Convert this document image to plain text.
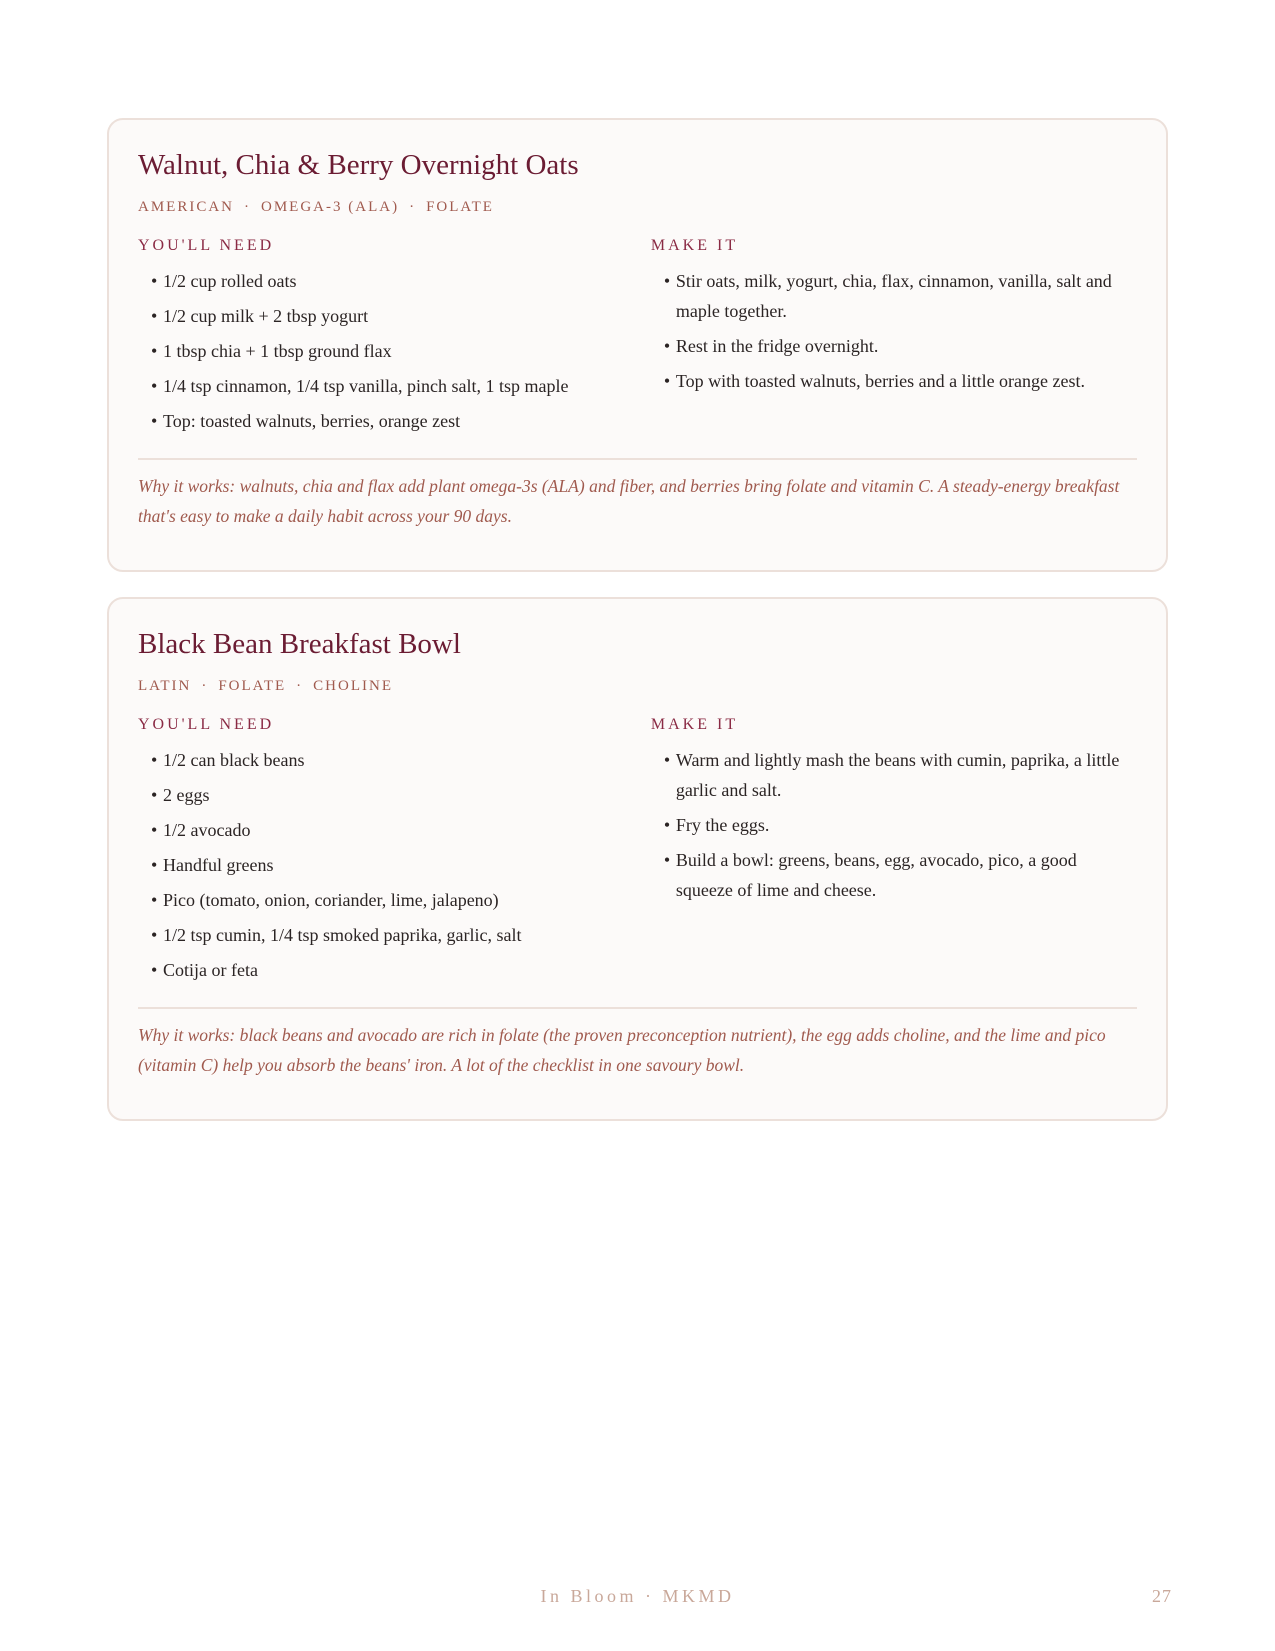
Walnut, Chia & Berry Overnight Oats
AMERICAN · OMEGA-3 (ALA) · FOLATE
YOU'LL NEED
• 1/2 cup rolled oats
• 1/2 cup milk + 2 tbsp yogurt
• 1 tbsp chia + 1 tbsp ground flax
• 1/4 tsp cinnamon, 1/4 tsp vanilla, pinch salt, 1 tsp maple
• Top: toasted walnuts, berries, orange zest
MAKE IT
• Stir oats, milk, yogurt, chia, flax, cinnamon, vanilla, salt and maple together.
• Rest in the fridge overnight.
• Top with toasted walnuts, berries and a little orange zest.
Why it works: walnuts, chia and flax add plant omega-3s (ALA) and fiber, and berries bring folate and vitamin C. A steady-energy breakfast that's easy to make a daily habit across your 90 days.
Black Bean Breakfast Bowl
LATIN · FOLATE · CHOLINE
YOU'LL NEED
• 1/2 can black beans
• 2 eggs
• 1/2 avocado
• Handful greens
• Pico (tomato, onion, coriander, lime, jalapeno)
• 1/2 tsp cumin, 1/4 tsp smoked paprika, garlic, salt
• Cotija or feta
MAKE IT
• Warm and lightly mash the beans with cumin, paprika, a little garlic and salt.
• Fry the eggs.
• Build a bowl: greens, beans, egg, avocado, pico, a good squeeze of lime and cheese.
Why it works: black beans and avocado are rich in folate (the proven preconception nutrient), the egg adds choline, and the lime and pico (vitamin C) help you absorb the beans' iron. A lot of the checklist in one savoury bowl.
In Bloom · MKMD	27
